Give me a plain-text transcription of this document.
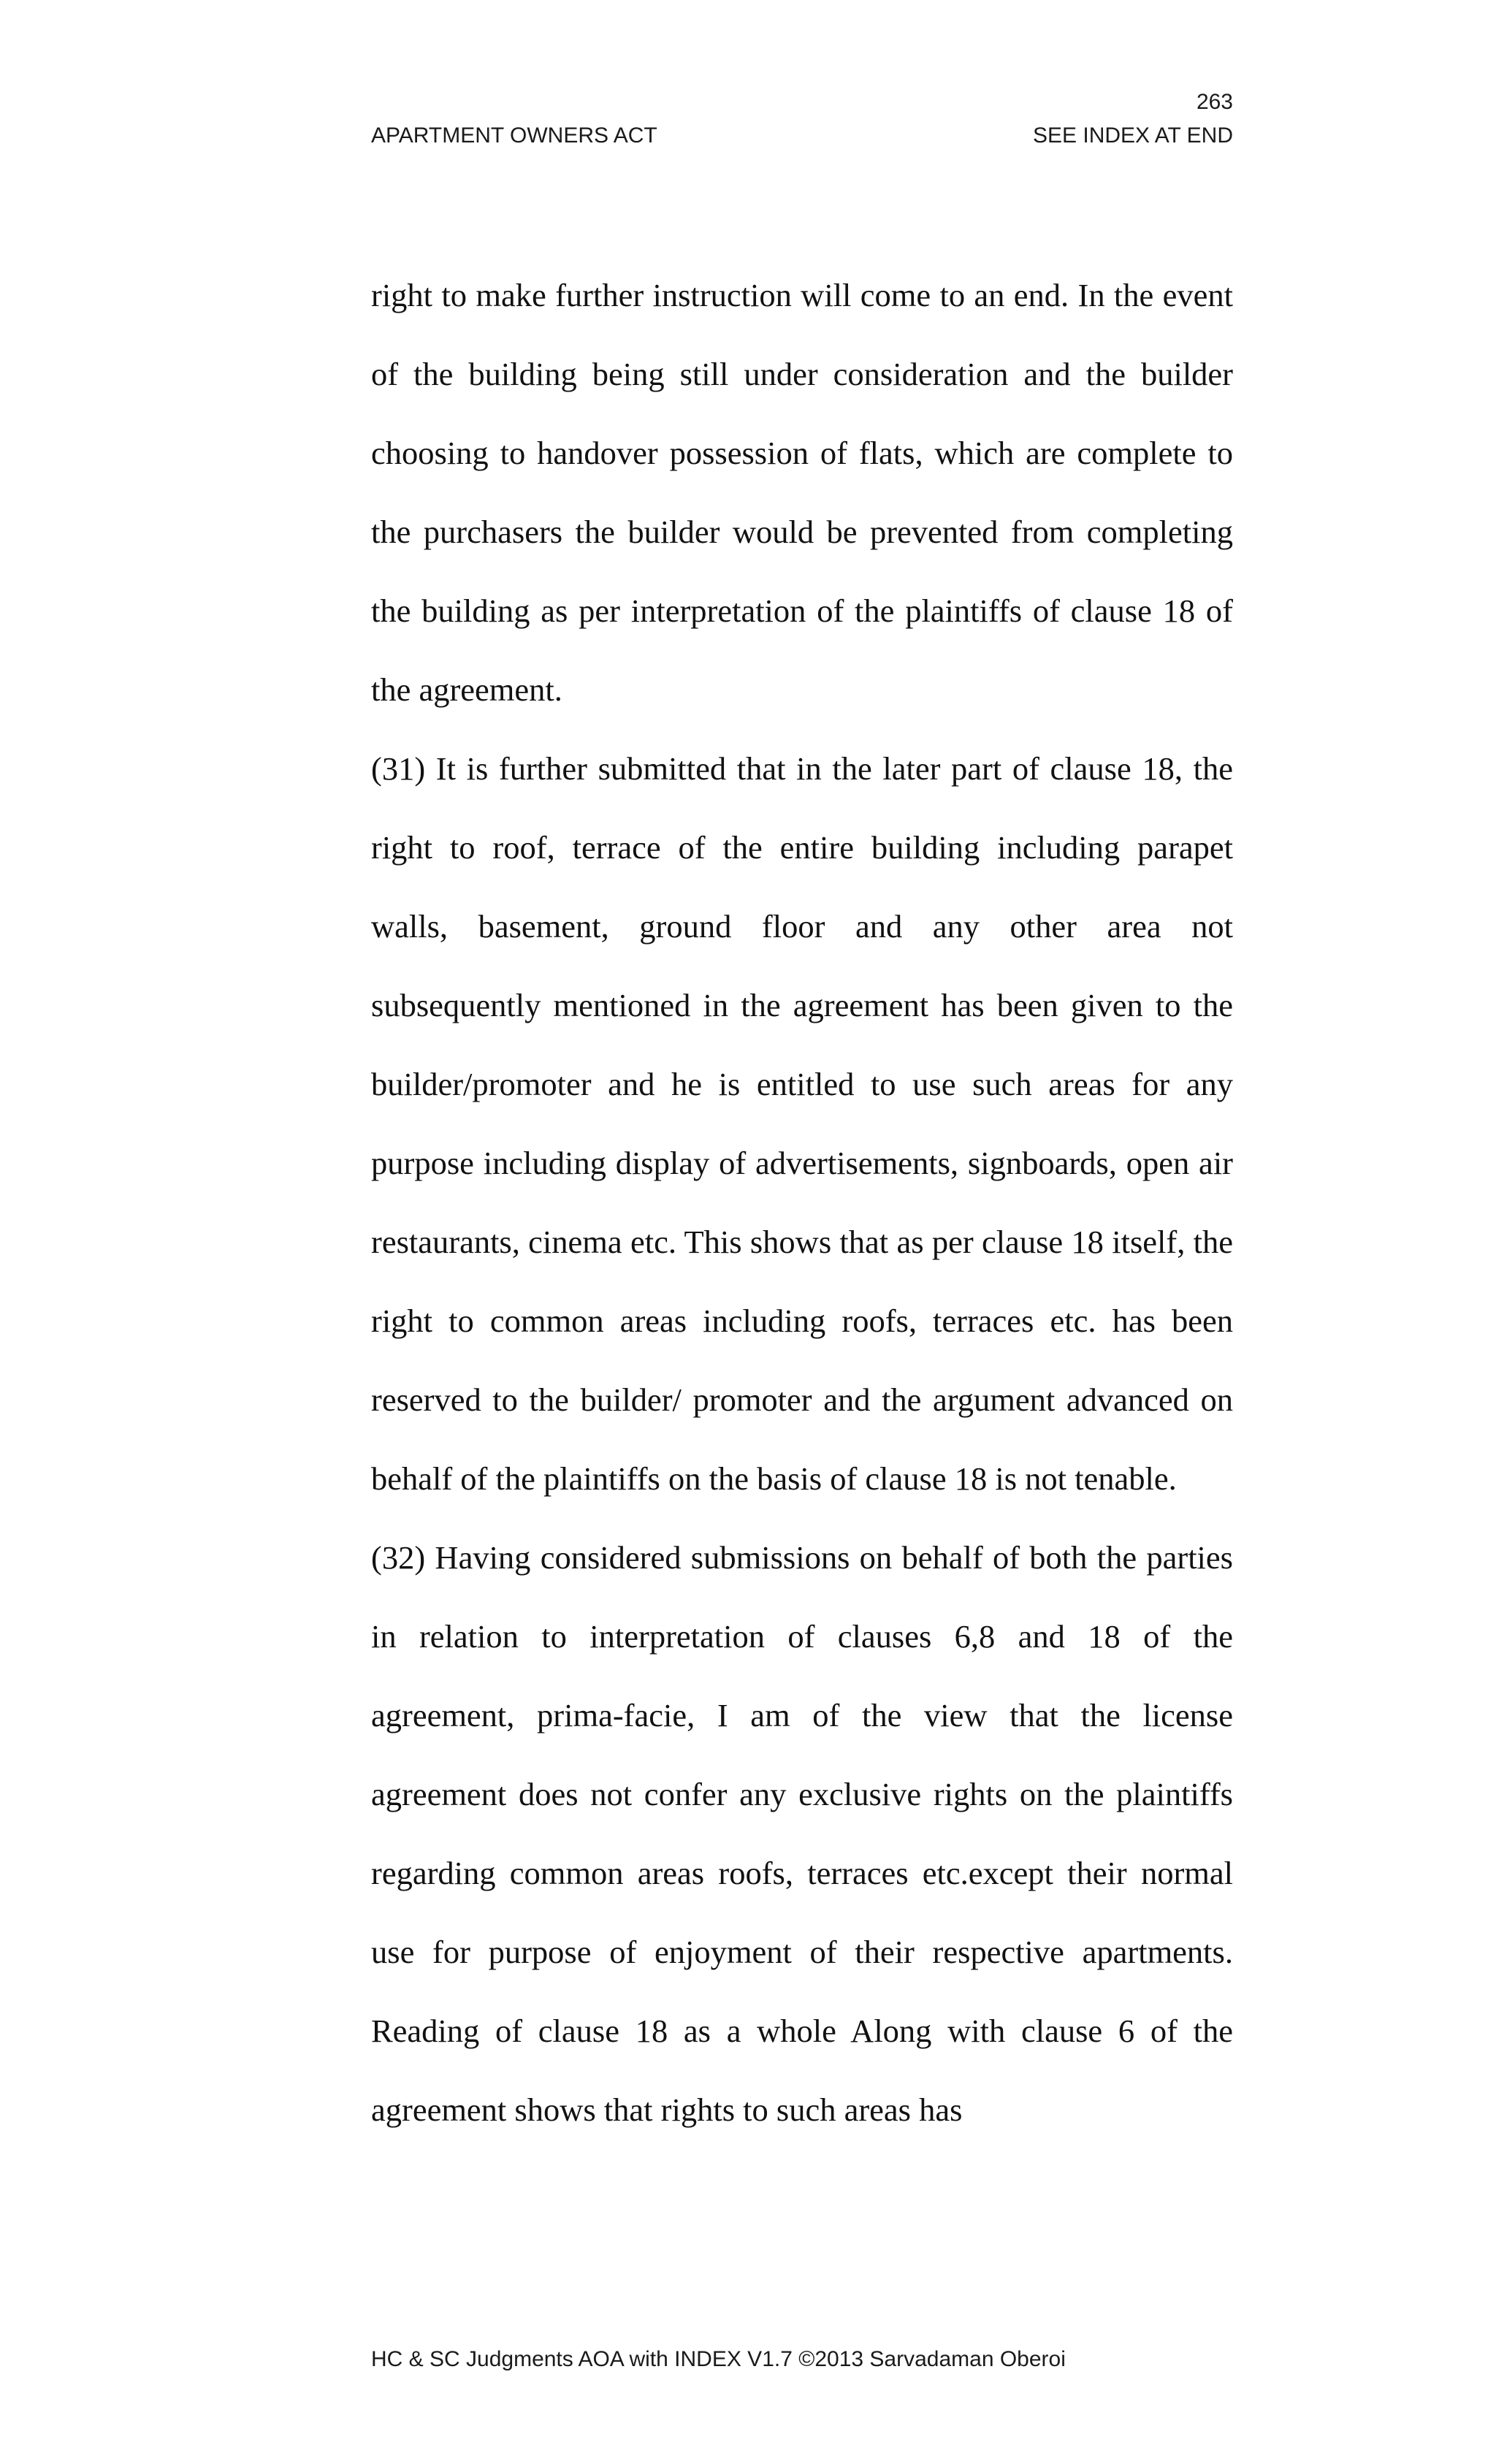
263
APARTMENT OWNERS ACT	SEE INDEX AT END

right to make further instruction will come to an end. In the event of the building being still under consideration and the builder choosing to handover possession of flats, which are complete to the purchasers the builder would be prevented from completing the building as per interpretation of the plaintiffs of clause 18 of the agreement.

(31) It is further submitted that in the later part of clause 18, the right to roof, terrace of the entire building including parapet walls, basement, ground floor and any other area not subsequently mentioned in the agreement has been given to the builder/promoter and he is entitled to use such areas for any purpose including display of advertisements, signboards, open air restaurants, cinema etc. This shows that as per clause 18 itself, the right to common areas including roofs, terraces etc. has been reserved to the builder/ promoter and the argument advanced on behalf of the plaintiffs on the basis of clause 18 is not tenable.

(32) Having considered submissions on behalf of both the parties in relation to interpretation of clauses 6,8 and 18 of the agreement, prima-facie, I am of the view that the license agreement does not confer any exclusive rights on the plaintiffs regarding common areas roofs, terraces etc.except their normal use for purpose of enjoyment of their respective apartments. Reading of clause 18 as a whole Along with clause 6 of the agreement shows that rights to such areas has

HC & SC Judgments AOA with INDEX V1.7 ©2013 Sarvadaman Oberoi
